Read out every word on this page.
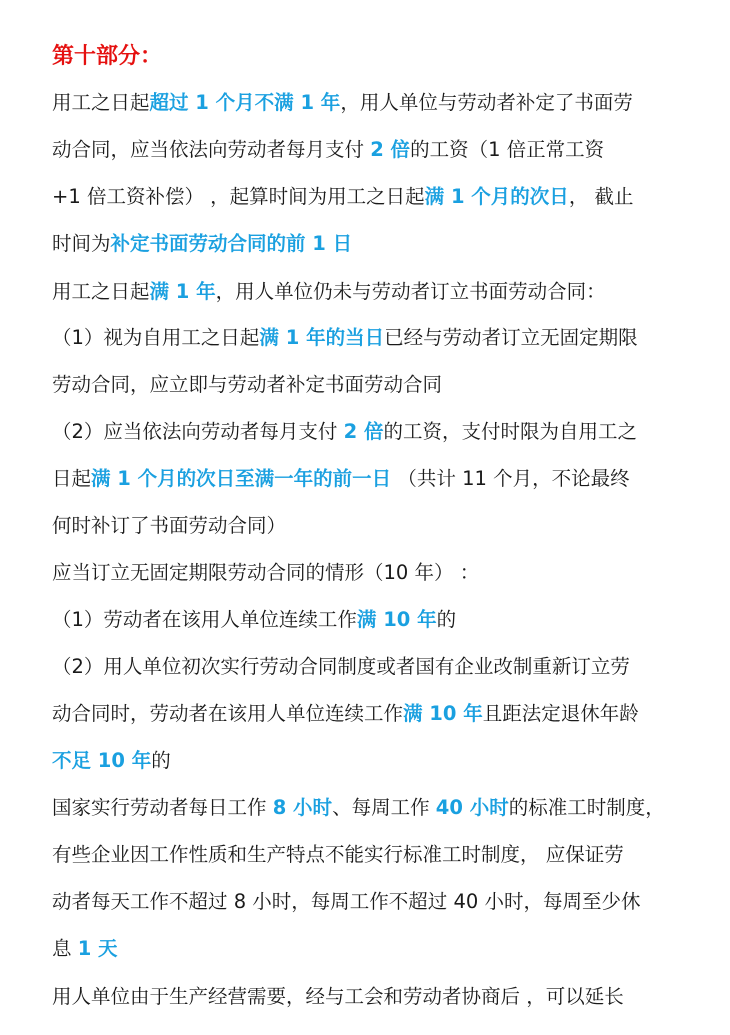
第十部分：
用工之日起超过 1 个月不满 1 年，用人单位与劳动者补定了书面劳
动合同，应当依法向劳动者每月支付 2 倍的工资（1 倍正常工资
+1 倍工资补偿） ，起算时间为用工之日起满 1 个月的次日， 截止
时间为补定书面劳动合同的前 1 日
用工之日起满 1 年，用人单位仍未与劳动者订立书面劳动合同：
（1）视为自用工之日起满 1 年的当日已经与劳动者订立无固定期限
劳动合同，应立即与劳动者补定书面劳动合同
（2）应当依法向劳动者每月支付 2 倍的工资，支付时限为自用工之
日起满 1 个月的次日至满一年的前一日 （共计 11 个月，不论最终
何时补订了书面劳动合同）
应当订立无固定期限劳动合同的情形（10 年） ：
（1）劳动者在该用人单位连续工作满 10 年的
（2）用人单位初次实行劳动合同制度或者国有企业改制重新订立劳
动合同时，劳动者在该用人单位连续工作满 10 年且距法定退休年龄
不足 10 年的
国家实行劳动者每日工作 8 小时、每周工作 40 小时的标准工时制度，
有些企业因工作性质和生产特点不能实行标准工时制度， 应保证劳
动者每天工作不超过 8 小时，每周工作不超过 40 小时，每周至少休
息 1 天
用人单位由于生产经营需要，经与工会和劳动者协商后 ，可以延长
